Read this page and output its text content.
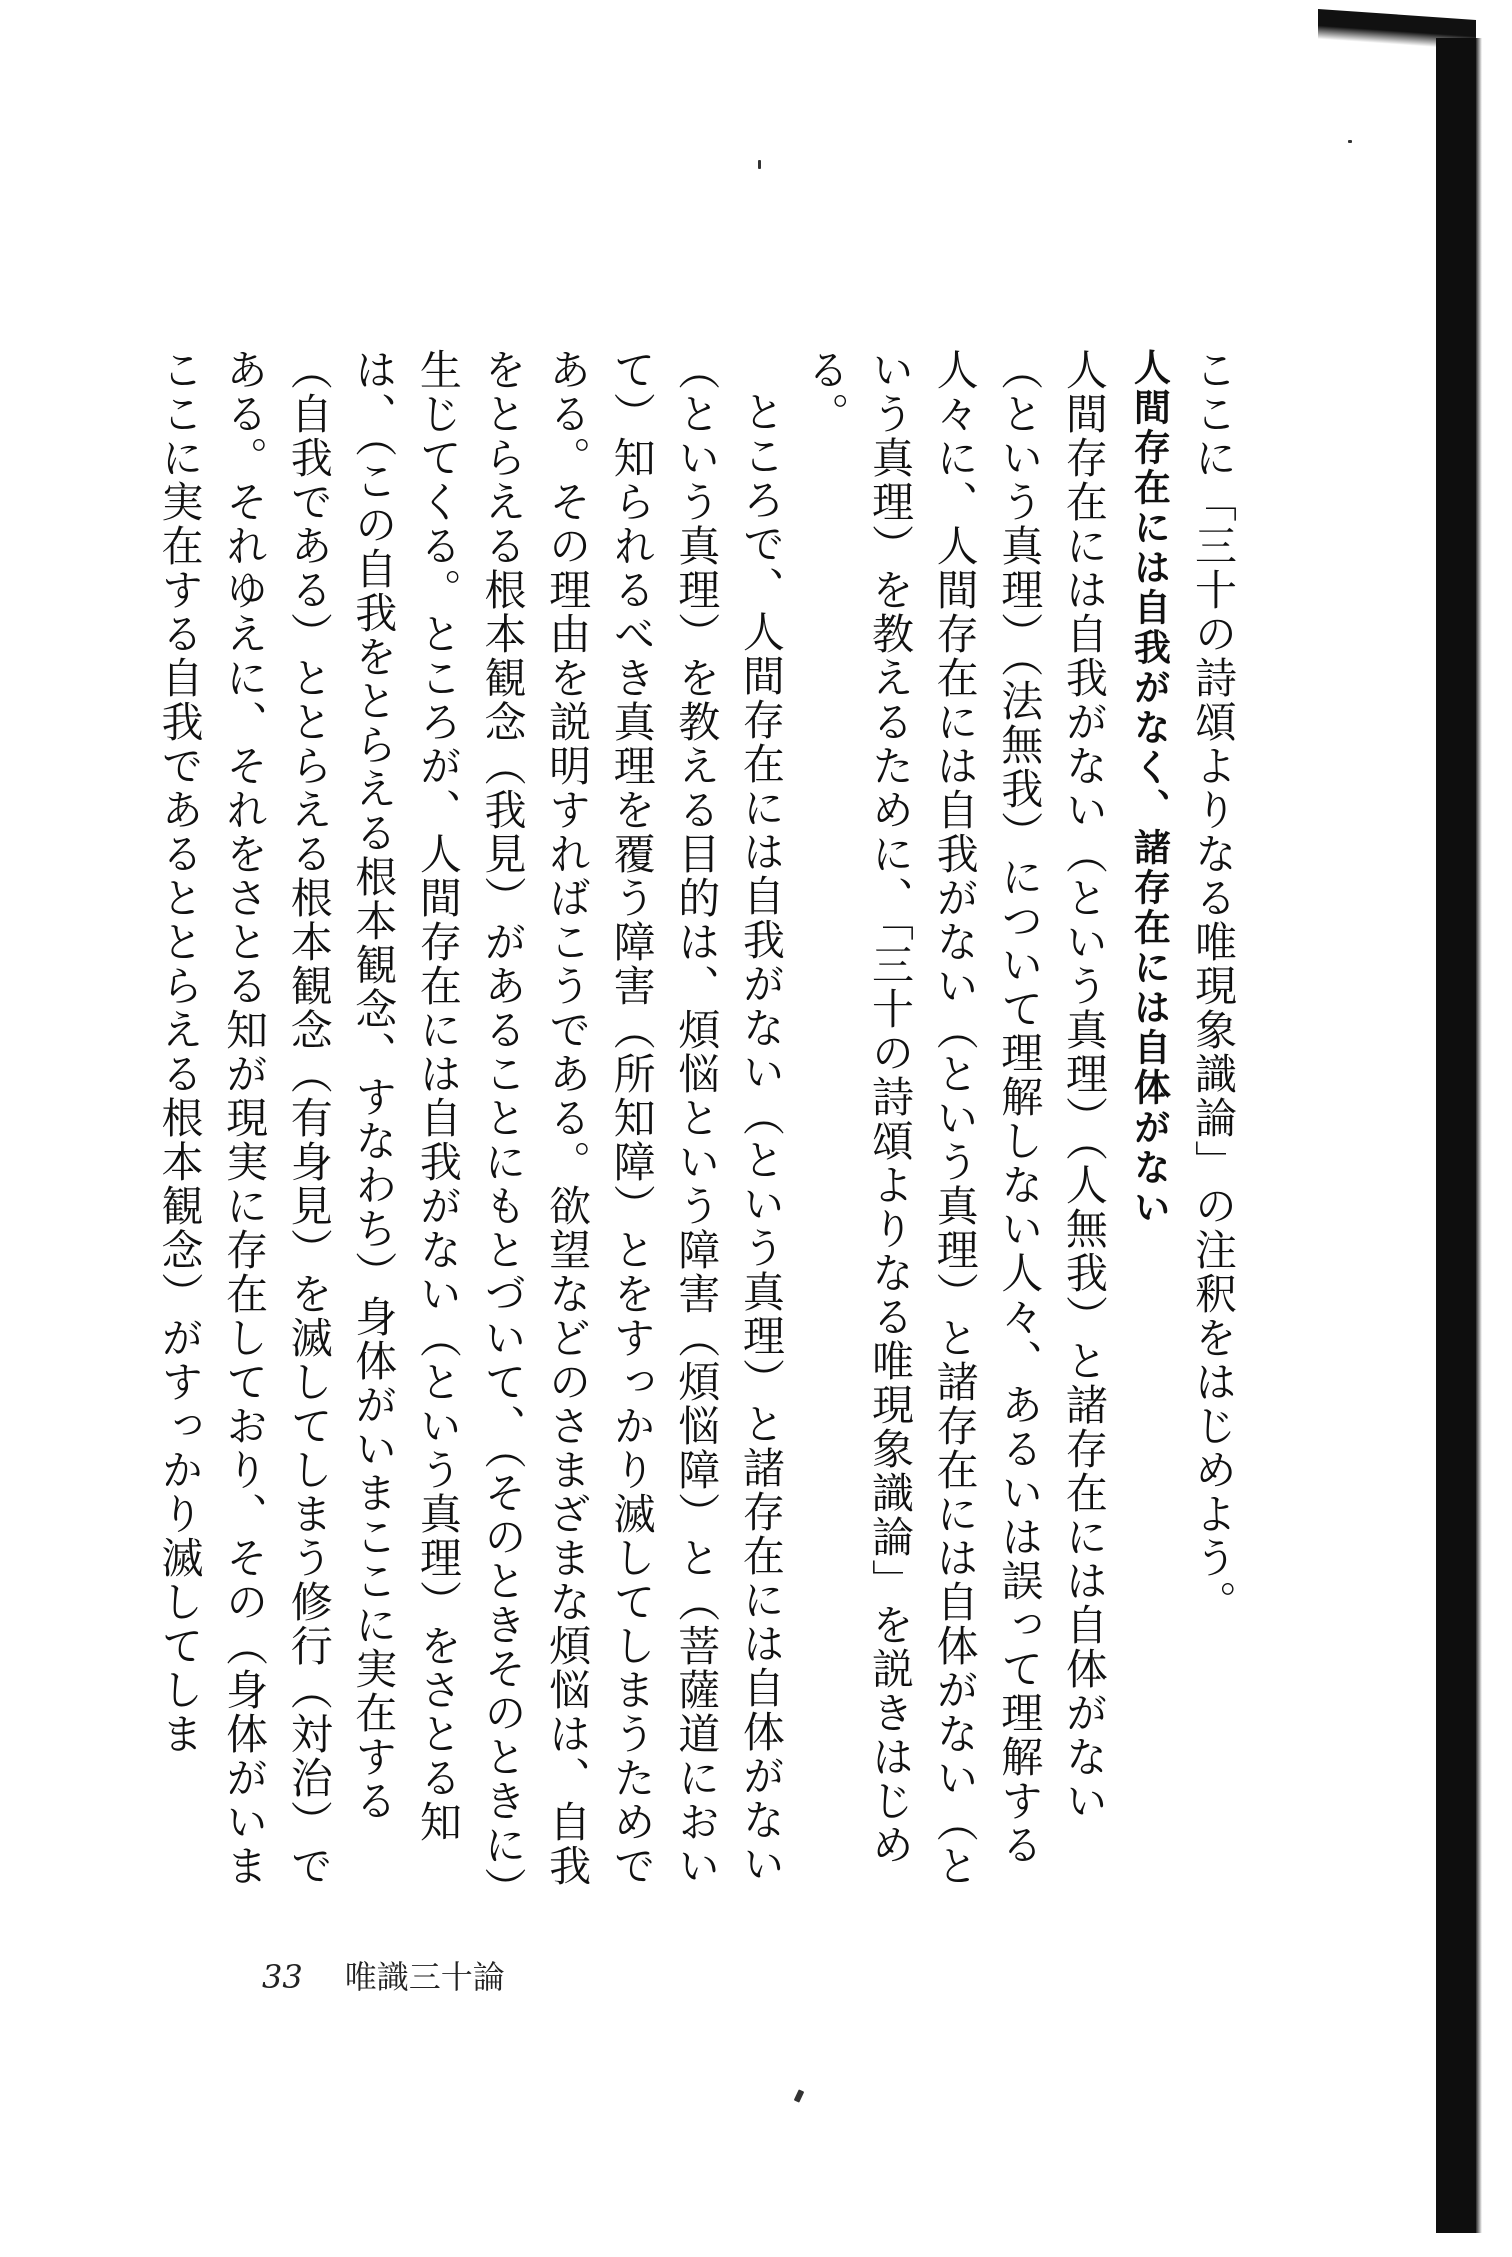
ここに「三十の詩頌よりなる唯現象識論」の注釈をはじめよう。

人間存在には自我がなく、諸存在には自体がない

人間存在には自我がない（という真理）（人無我）と諸存在には自体がない（という真理）（法無我）について理解しない人々、あるいは誤って理解する人々に、人間存在には自我がない（という真理）と諸存在には自体がない（という真理）を教えるために、「三十の詩頌よりなる唯現象識論」を説きはじめる。

ところで、人間存在には自我がない（という真理）と諸存在には自体がない（という真理）を教える目的は、煩悩という障害（煩悩障）と（菩薩道において）知られるべき真理を覆う障害（所知障）とをすっかり滅してしまうためである。その理由を説明すればこうである。欲望などのさまざまな煩悩は、自我をとらえる根本観念（我見）があることにもとづいて、（そのときそのときに）生じてくる。ところが、人間存在には自我がない（という真理）をさとる知は、（この自我をとらえる根本観念、すなわち）身体がいまここに実在する（自我である）ととらえる根本観念（有身見）を滅してしまう修行（対治）である。それゆえに、それをさとる知が現実に存在しており、その（身体がいまここに実在する自我であるととらえる根本観念）がすっかり滅してしま

33 唯識三十論
